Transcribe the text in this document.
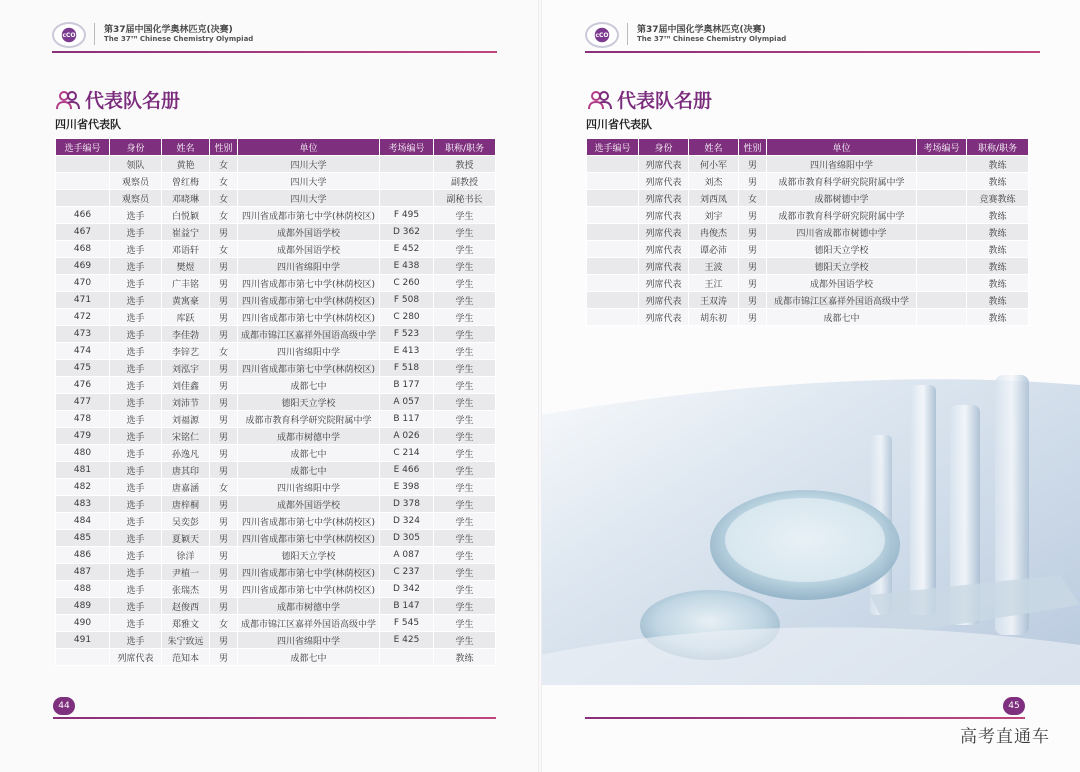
cCO
第37届中国化学奥林匹克(决赛)
The 37ᵀᴴ Chinese Chemistry Olympiad
代表队名册
四川省代表队
选手编号	身份	姓名	性别	单位	考场编号	职称/职务
	领队	黄艳	女	四川大学		教授
	观察员	曾红梅	女	四川大学		副教授
	观察员	邓晓琳	女	四川大学		副秘书长
466	选手	白悦颖	女	四川省成都市第七中学(林荫校区)	F 495	学生
467	选手	崔益宁	男	成都外国语学校	D 362	学生
468	选手	邓语轩	女	成都外国语学校	E 452	学生
469	选手	樊煜	男	四川省绵阳中学	E 438	学生
470	选手	广丰铭	男	四川省成都市第七中学(林荫校区)	C 260	学生
471	选手	黄寓豪	男	四川省成都市第七中学(林荫校区)	F 508	学生
472	选手	库跃	男	四川省成都市第七中学(林荫校区)	C 280	学生
473	选手	李佳勃	男	成都市锦江区嘉祥外国语高级中学	F 523	学生
474	选手	李锌艺	女	四川省绵阳中学	E 413	学生
475	选手	刘泓宇	男	四川省成都市第七中学(林荫校区)	F 518	学生
476	选手	刘佳鑫	男	成都七中	B 177	学生
477	选手	刘沛节	男	德阳天立学校	A 057	学生
478	选手	刘福源	男	成都市教育科学研究院附属中学	B 117	学生
479	选手	宋铭仁	男	成都市树德中学	A 026	学生
480	选手	孙逸凡	男	成都七中	C 214	学生
481	选手	唐其印	男	成都七中	E 466	学生
482	选手	唐嘉涵	女	四川省绵阳中学	E 398	学生
483	选手	唐梓桐	男	成都外国语学校	D 378	学生
484	选手	吴奕彭	男	四川省成都市第七中学(林荫校区)	D 324	学生
485	选手	夏颖天	男	四川省成都市第七中学(林荫校区)	D 305	学生
486	选手	徐洋	男	德阳天立学校	A 087	学生
487	选手	尹植一	男	四川省成都市第七中学(林荫校区)	C 237	学生
488	选手	张瑞杰	男	四川省成都市第七中学(林荫校区)	D 342	学生
489	选手	赵俊西	男	成都市树德中学	B 147	学生
490	选手	郑雅文	女	成都市锦江区嘉祥外国语高级中学	F 545	学生
491	选手	朱宁致远	男	四川省绵阳中学	E 425	学生
	列席代表	范知本	男	成都七中		教练
44
cCO
第37届中国化学奥林匹克(决赛)
The 37ᵀᴴ Chinese Chemistry Olympiad
代表队名册
四川省代表队
选手编号	身份	姓名	性别	单位	考场编号	职称/职务
	列席代表	何小军	男	四川省绵阳中学		教练
	列席代表	刘杰	男	成都市教育科学研究院附属中学		教练
	列席代表	刘西凤	女	成都树德中学		竞赛教练
	列席代表	刘宇	男	成都市教育科学研究院附属中学		教练
	列席代表	冉俊杰	男	四川省成都市树德中学		教练
	列席代表	谭必沛	男	德阳天立学校		教练
	列席代表	王波	男	德阳天立学校		教练
	列席代表	王江	男	成都外国语学校		教练
	列席代表	王双涛	男	成都市锦江区嘉祥外国语高级中学		教练
	列席代表	胡东初	男	成都七中		教练
45
高考直通车
